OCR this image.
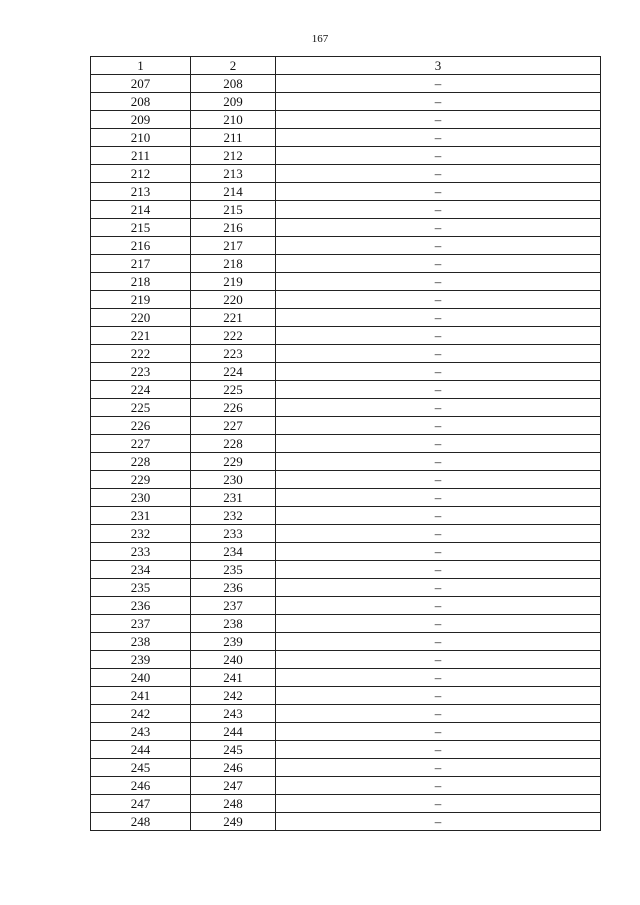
167
1	2	3
207	208	–
208	209	–
209	210	–
210	211	–
211	212	–
212	213	–
213	214	–
214	215	–
215	216	–
216	217	–
217	218	–
218	219	–
219	220	–
220	221	–
221	222	–
222	223	–
223	224	–
224	225	–
225	226	–
226	227	–
227	228	–
228	229	–
229	230	–
230	231	–
231	232	–
232	233	–
233	234	–
234	235	–
235	236	–
236	237	–
237	238	–
238	239	–
239	240	–
240	241	–
241	242	–
242	243	–
243	244	–
244	245	–
245	246	–
246	247	–
247	248	–
248	249	–
